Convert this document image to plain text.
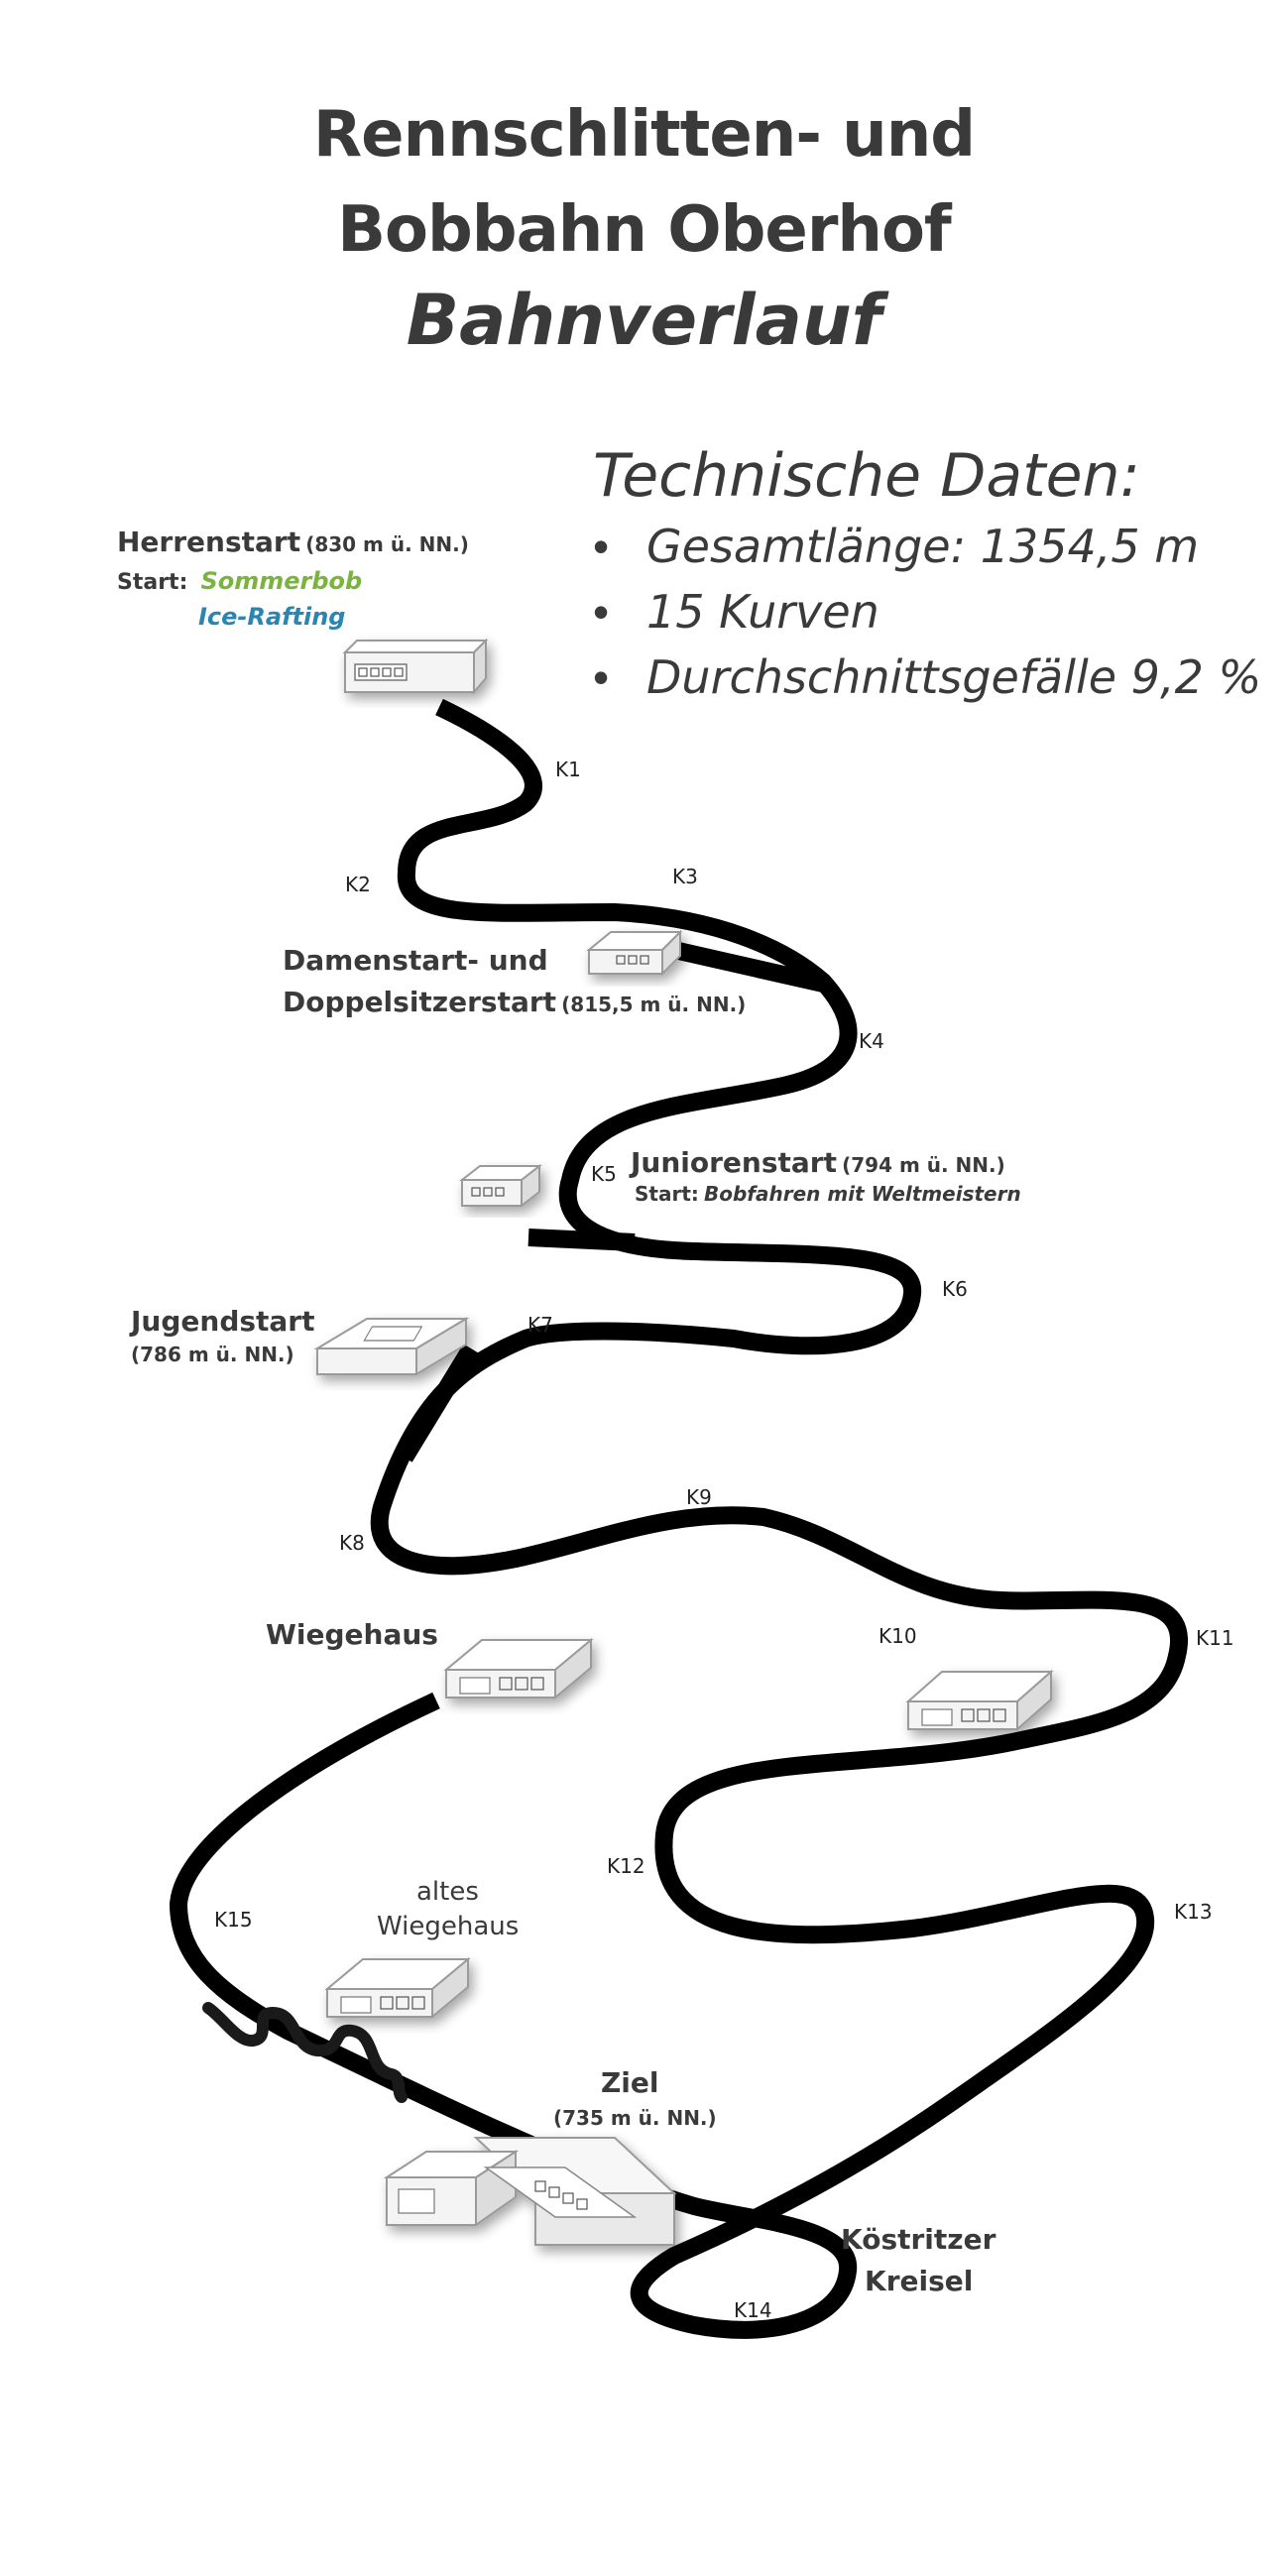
Rennschlitten- und
Bobbahn Oberhof
Bahnverlauf
Technische Daten:
• Gesamtlänge: 1354,5 m
• 15 Kurven
• Durchschnittsgefälle 9,2 %
Herrenstart (830 m ü. NN.)
Start: Sommerbob
Ice-Rafting
Damenstart- und
Doppelsitzerstart (815,5 m ü. NN.)
Juniorenstart (794 m ü. NN.)
Start: Bobfahren mit Weltmeistern
Jugendstart
(786 m ü. NN.)
Wiegehaus
altes
Wiegehaus
Ziel
(735 m ü. NN.)
Köstritzer
Kreisel
K1
K2	K3
K4
K5
K6
K7
K8
K9
K10	K11
K12
K13
K14
K15
